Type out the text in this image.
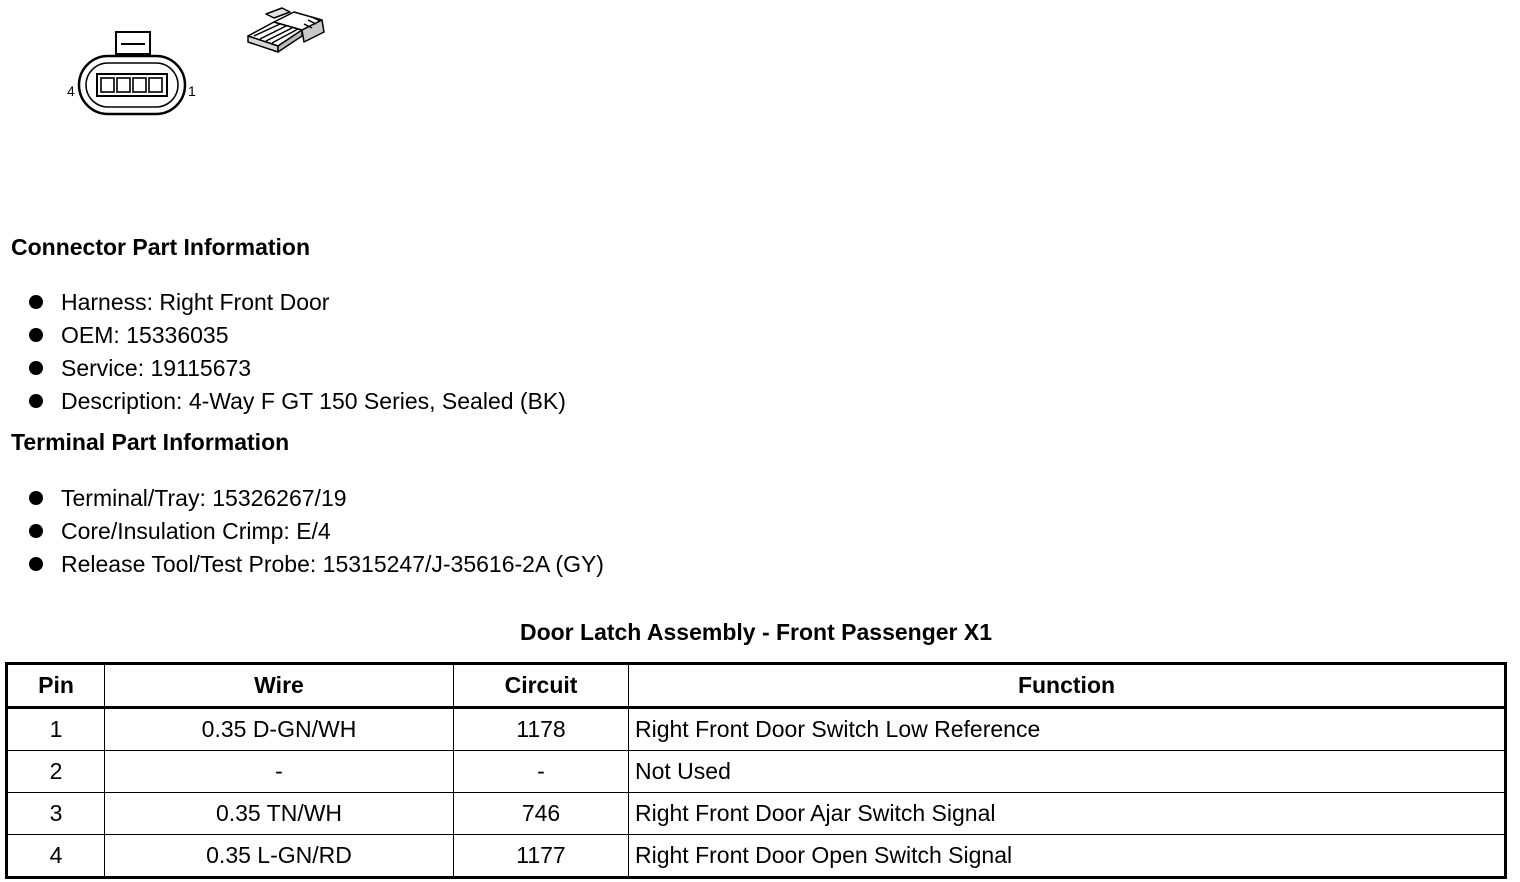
4	1
Connector Part Information
Harness: Right Front Door
OEM: 15336035
Service: 19115673
Description: 4-Way F GT 150 Series, Sealed (BK)
Terminal Part Information
Terminal/Tray: 15326267/19
Core/Insulation Crimp: E/4
Release Tool/Test Probe: 15315247/J-35616-2A (GY)
Door Latch Assembly - Front Passenger X1
Pin	Wire	Circuit	Function
1	0.35 D-GN/WH	1178	Right Front Door Switch Low Reference
2	-	-	Not Used
3	0.35 TN/WH	746	Right Front Door Ajar Switch Signal
4	0.35 L-GN/RD	1177	Right Front Door Open Switch Signal
